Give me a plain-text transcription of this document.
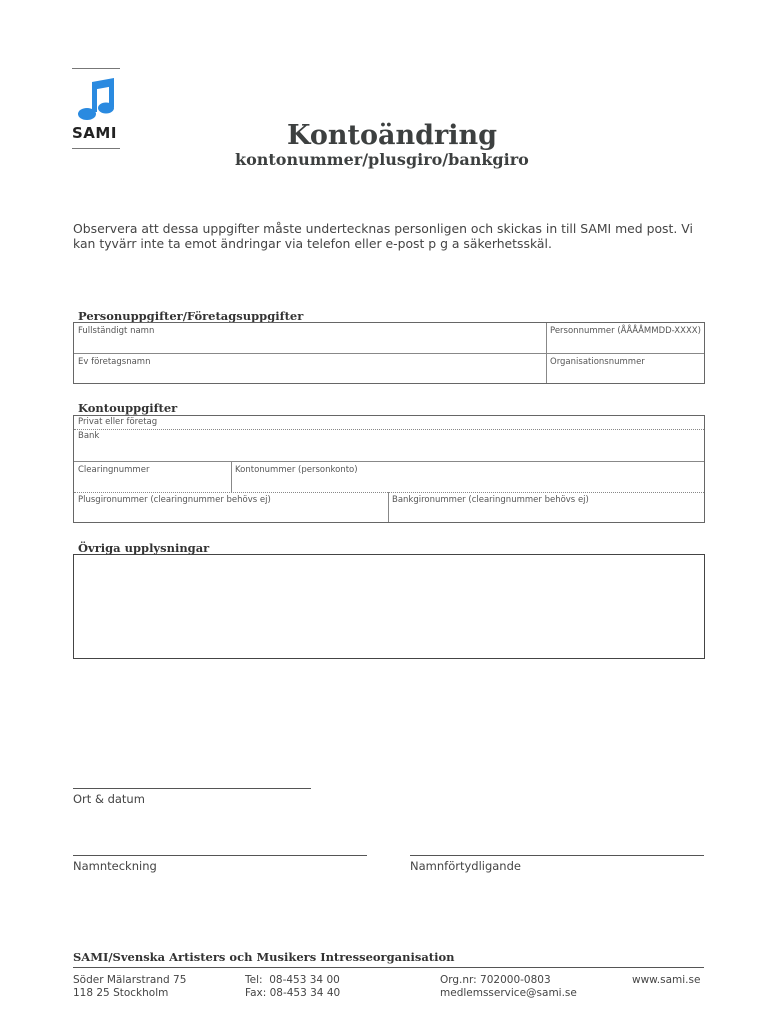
SAMI	Kontoändring
kontonummer/plusgiro/bankgiro
Observera att dessa uppgifter måste undertecknas personligen och skickas in till SAMI med post. Vi kan tyvärr inte ta emot ändringar via telefon eller e-post p g a säkerhetsskäl.
Personuppgifter/Företagsuppgifter
Fullständigt namn	Personnummer (ÅÅÅÅMMDD-XXXX)
Ev företagsnamn	Organisationsnummer
Kontouppgifter
Privat eller företag
Bank
Clearingnummer	Kontonummer (personkonto)
Plusgironummer (clearingnummer behövs ej)	Bankgironummer (clearingnummer behövs ej)
Övriga upplysningar
Ort & datum
Namnteckning	Namnförtydligande
SAMI/Svenska Artisters och Musikers Intresseorganisation
Söder Mälarstrand 75
118 25 Stockholm
Tel:  08-453 34 00
Fax: 08-453 34 40
Org.nr: 702000-0803
medlemsservice@sami.se
www.sami.se
